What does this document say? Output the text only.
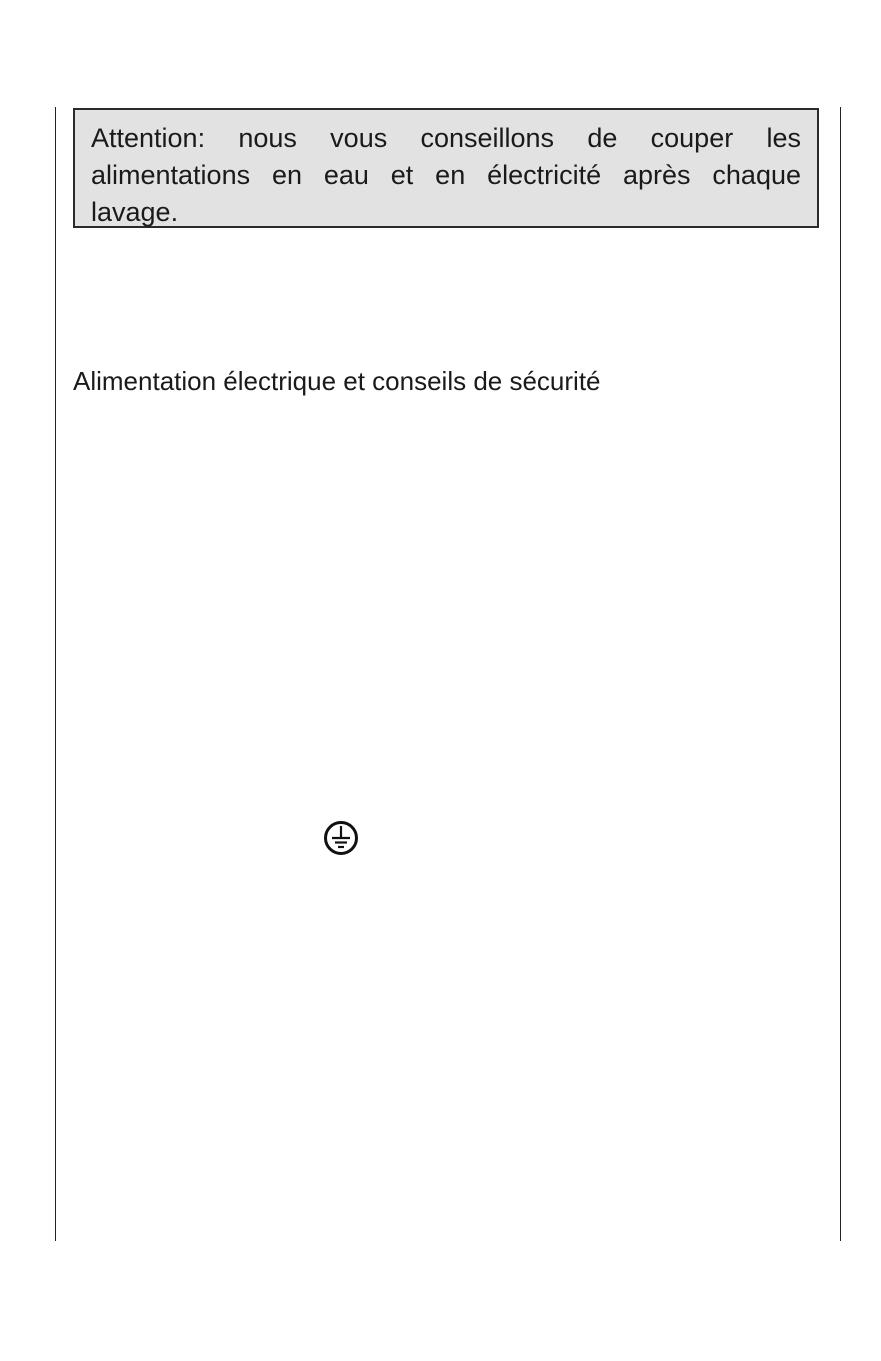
Attention: nous vous conseillons de couper les
alimentations en eau et en électricité après chaque
lavage.
Alimentation électrique et conseils de sécurité
